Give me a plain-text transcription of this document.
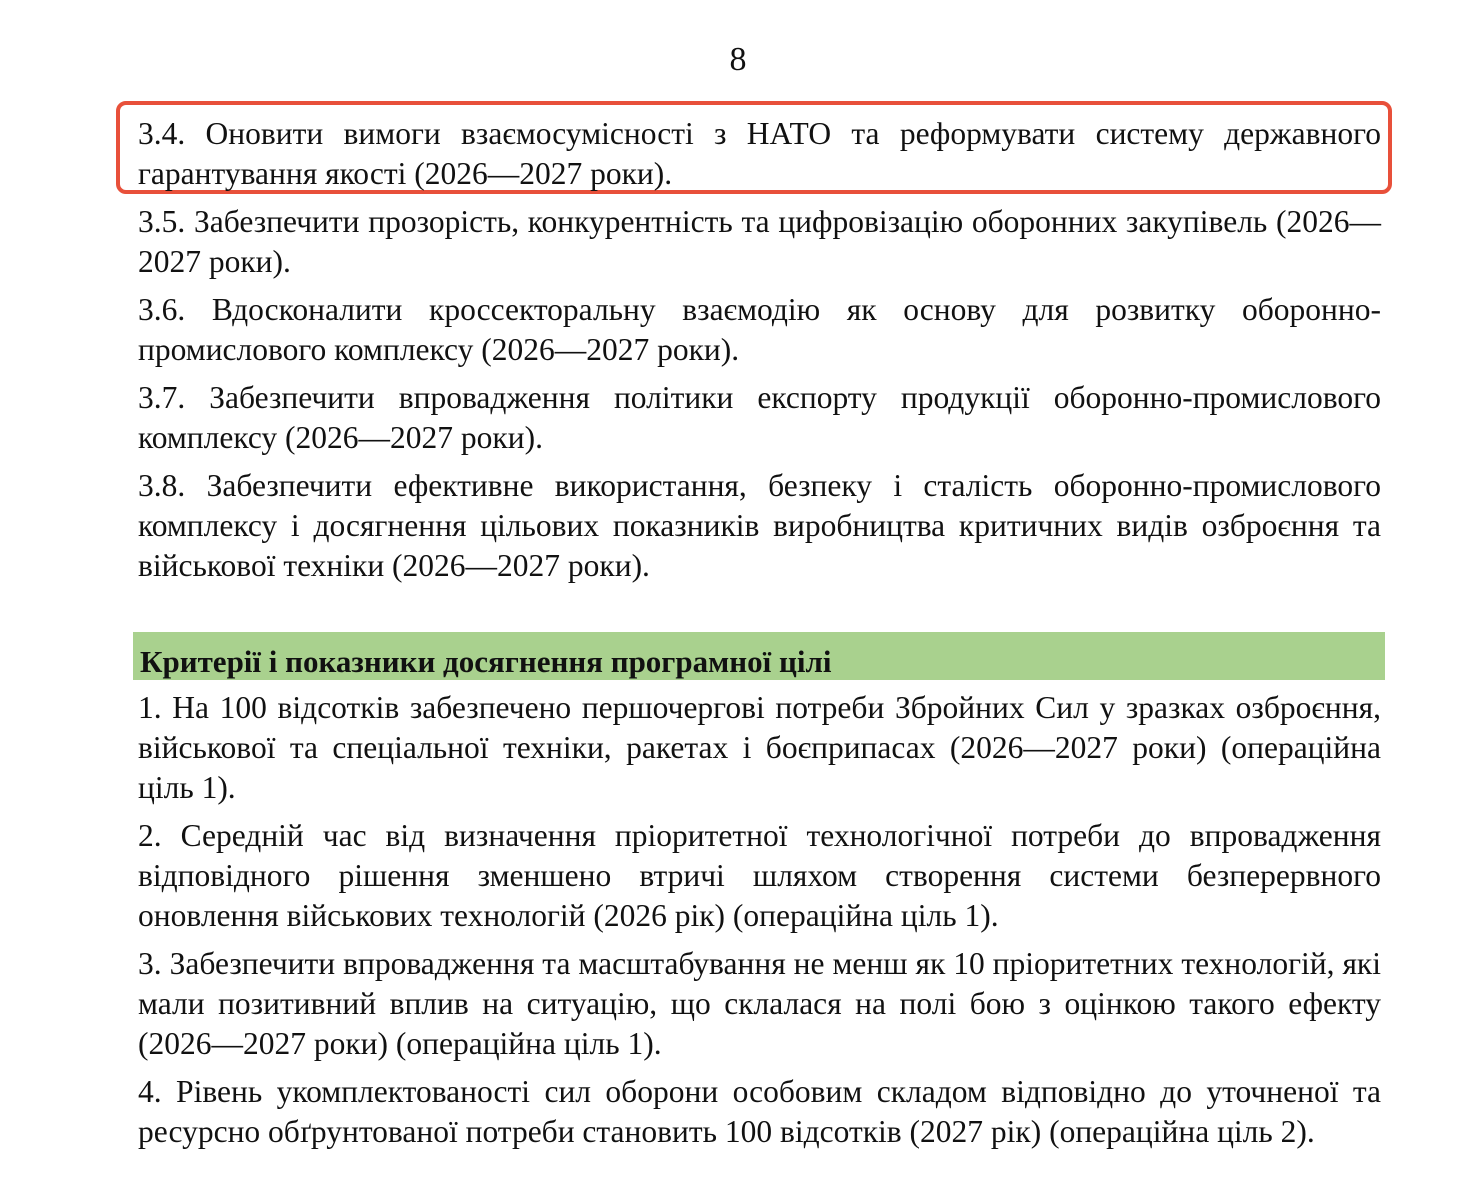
8

3.4. Оновити вимоги взаємосумісності з НАТО та реформувати систему державного гарантування якості (2026—2027 роки).

3.5. Забезпечити прозорість, конкурентність та цифровізацію оборонних закупівель (2026—2027 роки).

3.6. Вдосконалити кроссекторальну взаємодію як основу для розвитку оборонно-промислового комплексу (2026—2027 роки).

3.7. Забезпечити впровадження політики експорту продукції оборонно-промислового комплексу (2026—2027 роки).

3.8. Забезпечити ефективне використання, безпеку і сталість оборонно-промислового комплексу і досягнення цільових показників виробництва критичних видів озброєння та військової техніки (2026—2027 роки).

Критерії і показники досягнення програмної цілі

1. На 100 відсотків забезпечено першочергові потреби Збройних Сил у зразках озброєння, військової та спеціальної техніки, ракетах і боєприпасах (2026—2027 роки) (операційна ціль 1).

2. Середній час від визначення пріоритетної технологічної потреби до впровадження відповідного рішення зменшено втричі шляхом створення системи безперервного оновлення військових технологій (2026 рік) (операційна ціль 1).

3. Забезпечити впровадження та масштабування не менш як 10 пріоритетних технологій, які мали позитивний вплив на ситуацію, що склалася на полі бою з оцінкою такого ефекту (2026—2027 роки) (операційна ціль 1).

4. Рівень укомплектованості сил оборони особовим складом відповідно до уточненої та ресурсно обґрунтованої потреби становить 100 відсотків (2027 рік) (операційна ціль 2).
